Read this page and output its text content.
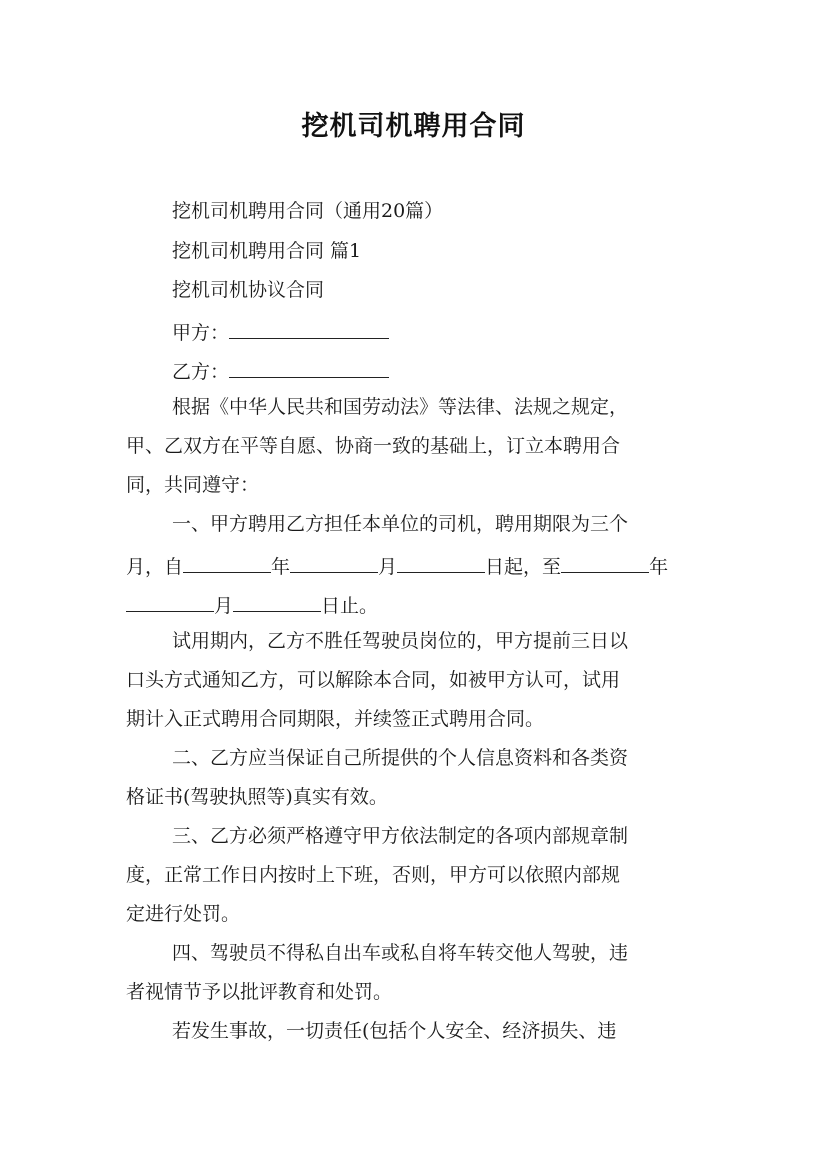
挖机司机聘用合同
挖机司机聘用合同（通用20篇）
挖机司机聘用合同 篇1
挖机司机协议合同
甲方：
乙方：
根据《中华人民共和国劳动法》等法律、法规之规定，
甲、乙双方在平等自愿、协商一致的基础上，订立本聘用合
同，共同遵守：
一、甲方聘用乙方担任本单位的司机，聘用期限为三个
月，自	年	月	日起，至	年
月	日止。
试用期内，乙方不胜任驾驶员岗位的，甲方提前三日以
口头方式通知乙方，可以解除本合同，如被甲方认可，试用
期计入正式聘用合同期限，并续签正式聘用合同。
二、乙方应当保证自己所提供的个人信息资料和各类资
格证书(驾驶执照等)真实有效。
三、乙方必须严格遵守甲方依法制定的各项内部规章制
度，正常工作日内按时上下班，否则，甲方可以依照内部规
定进行处罚。
四、驾驶员不得私自出车或私自将车转交他人驾驶，违
者视情节予以批评教育和处罚。
若发生事故，一切责任(包括个人安全、经济损失、违
